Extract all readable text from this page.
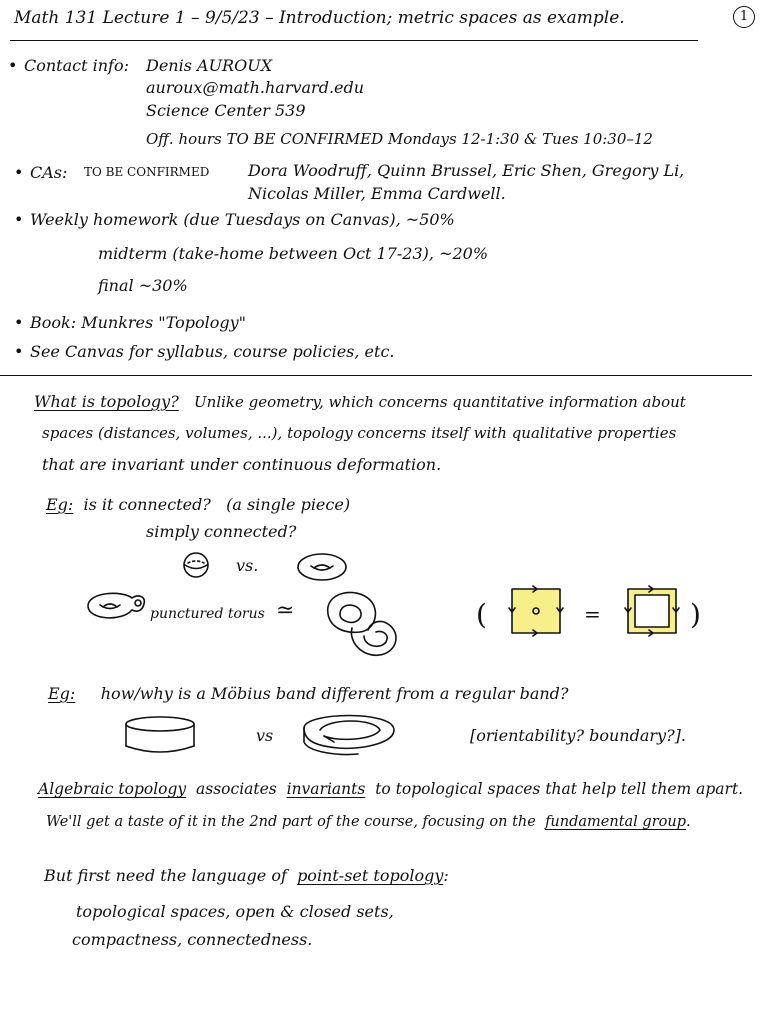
Math 131 Lecture 1 – 9/5/23 – Introduction; metric spaces as example.	1
• Contact info: Denis AUROUX
auroux@math.harvard.edu
Science Center 539
Off. hours TO BE CONFIRMED Mondays 12-1:30 & Tues 10:30–12
• CAs: TO BE CONFIRMED Dora Woodruff, Quinn Brussel, Eric Shen, Gregory Li,
Nicolas Miller, Emma Cardwell.
• Weekly homework (due Tuesdays on Canvas), ~50%
midterm (take-home between Oct 17-23), ~20%
final ~30%
• Book: Munkres "Topology"
• See Canvas for syllabus, course policies, etc.
What is topology? Unlike geometry, which concerns quantitative information about
spaces (distances, volumes, ...), topology concerns itself with qualitative properties
that are invariant under continuous deformation.
Eg: is it connected? (a single piece)
simply connected?
vs.
punctured torus ≃	(	=	)
Eg: how/why is a Möbius band different from a regular band?
vs	[orientability? boundary?].
Algebraic topology associates invariants to topological spaces that help tell them apart.
We'll get a taste of it in the 2nd part of the course, focusing on the fundamental group.
But first need the language of point-set topology:
topological spaces, open & closed sets,
compactness, connectedness.
